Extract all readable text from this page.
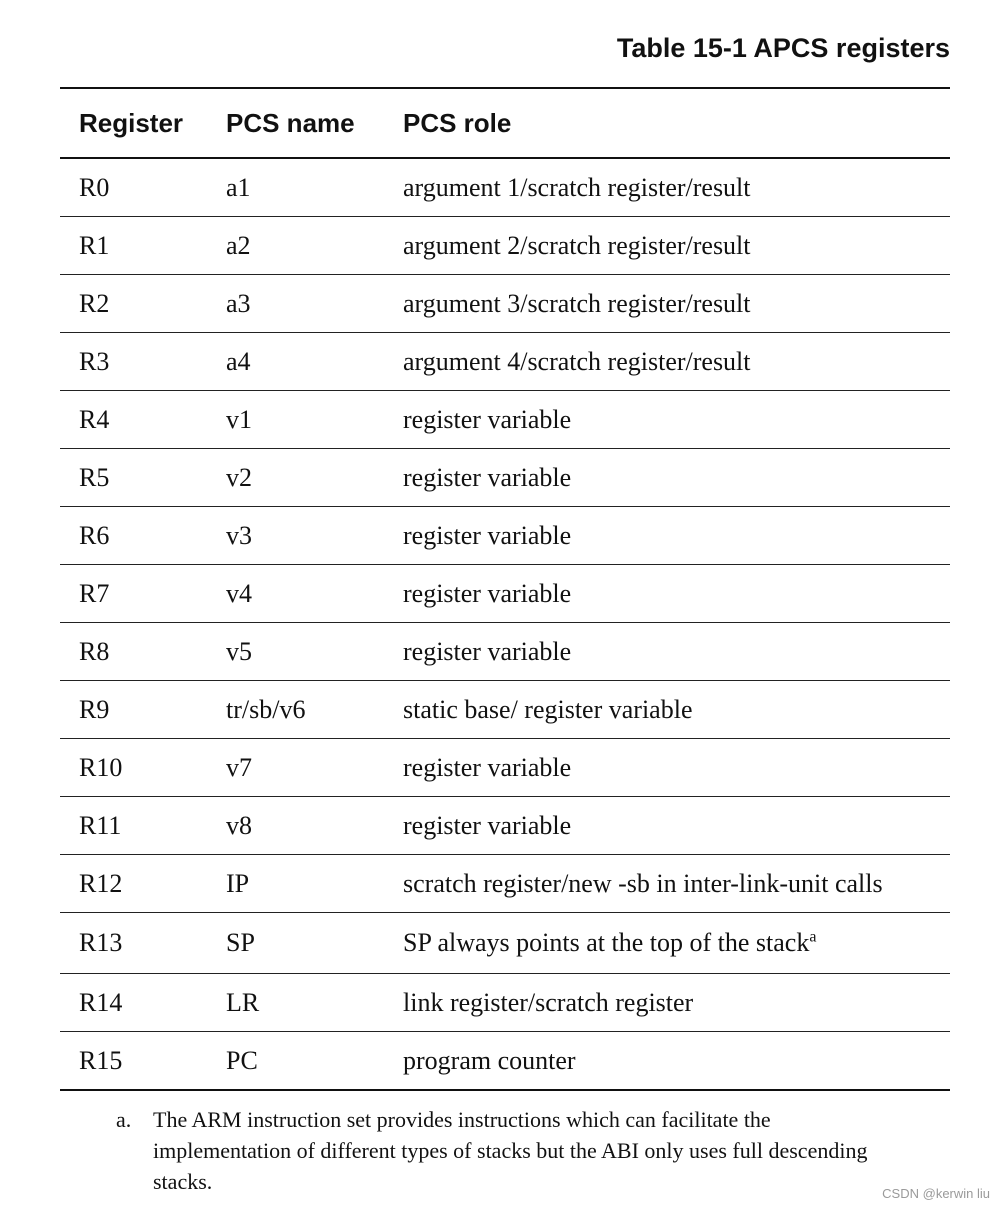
Table 15-1 APCS registers
Register	PCS name	PCS role
R0	a1	argument 1/scratch register/result
R1	a2	argument 2/scratch register/result
R2	a3	argument 3/scratch register/result
R3	a4	argument 4/scratch register/result
R4	v1	register variable
R5	v2	register variable
R6	v3	register variable
R7	v4	register variable
R8	v5	register variable
R9	tr/sb/v6	static base/ register variable
R10	v7	register variable
R11	v8	register variable
R12	IP	scratch register/new -sb in inter-link-unit calls
R13	SP	SP always points at the top of the stack$^a$
R14	LR	link register/scratch register
R15	PC	program counter
a. The ARM instruction set provides instructions which can facilitate the implementation of different types of stacks but the ABI only uses full descending stacks.	CSDN @kerwin liu
